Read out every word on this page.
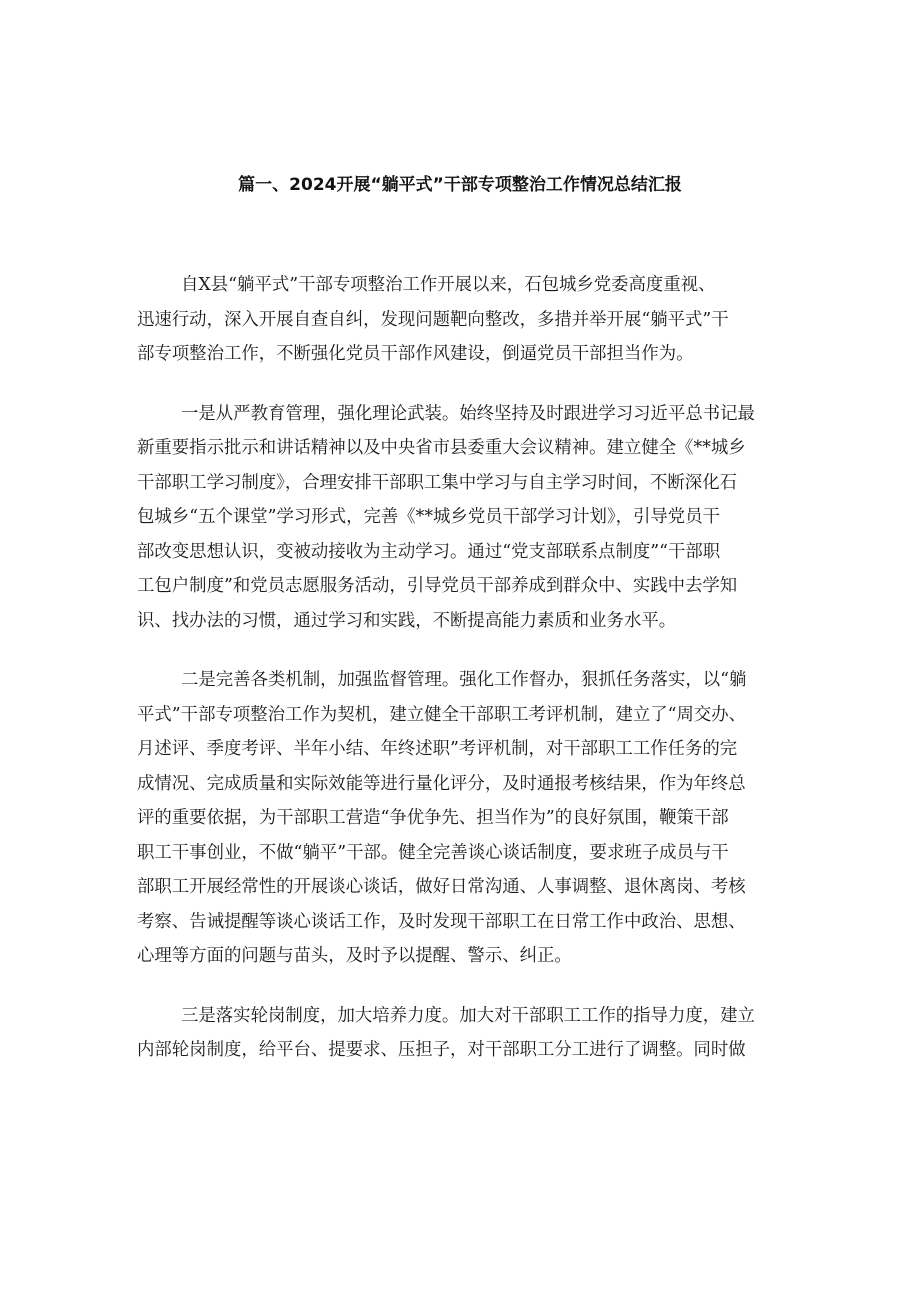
篇一、2024开展“躺平式”干部专项整治工作情况总结汇报

自X县“躺平式”干部专项整治工作开展以来，石包城乡党委高度重视、
迅速行动，深入开展自查自纠，发现问题靶向整改，多措并举开展“躺平式”干
部专项整治工作，不断强化党员干部作风建设，倒逼党员干部担当作为。

一是从严教育管理，强化理论武装。始终坚持及时跟进学习习近平总书记最
新重要指示批示和讲话精神以及中央省市县委重大会议精神。建立健全《**城乡
干部职工学习制度》，合理安排干部职工集中学习与自主学习时间，不断深化石
包城乡“五个课堂”学习形式，完善《**城乡党员干部学习计划》，引导党员干
部改变思想认识，变被动接收为主动学习。通过“党支部联系点制度”“干部职
工包户制度”和党员志愿服务活动，引导党员干部养成到群众中、实践中去学知
识、找办法的习惯，通过学习和实践，不断提高能力素质和业务水平。

二是完善各类机制，加强监督管理。强化工作督办，狠抓任务落实，以“躺
平式”干部专项整治工作为契机，建立健全干部职工考评机制，建立了“周交办、
月述评、季度考评、半年小结、年终述职”考评机制，对干部职工工作任务的完
成情况、完成质量和实际效能等进行量化评分，及时通报考核结果，作为年终总
评的重要依据，为干部职工营造“争优争先、担当作为”的良好氛围，鞭策干部
职工干事创业，不做“躺平”干部。健全完善谈心谈话制度，要求班子成员与干
部职工开展经常性的开展谈心谈话，做好日常沟通、人事调整、退休离岗、考核
考察、告诫提醒等谈心谈话工作，及时发现干部职工在日常工作中政治、思想、
心理等方面的问题与苗头，及时予以提醒、警示、纠正。

三是落实轮岗制度，加大培养力度。加大对干部职工工作的指导力度，建立
内部轮岗制度，给平台、提要求、压担子，对干部职工分工进行了调整。同时做
